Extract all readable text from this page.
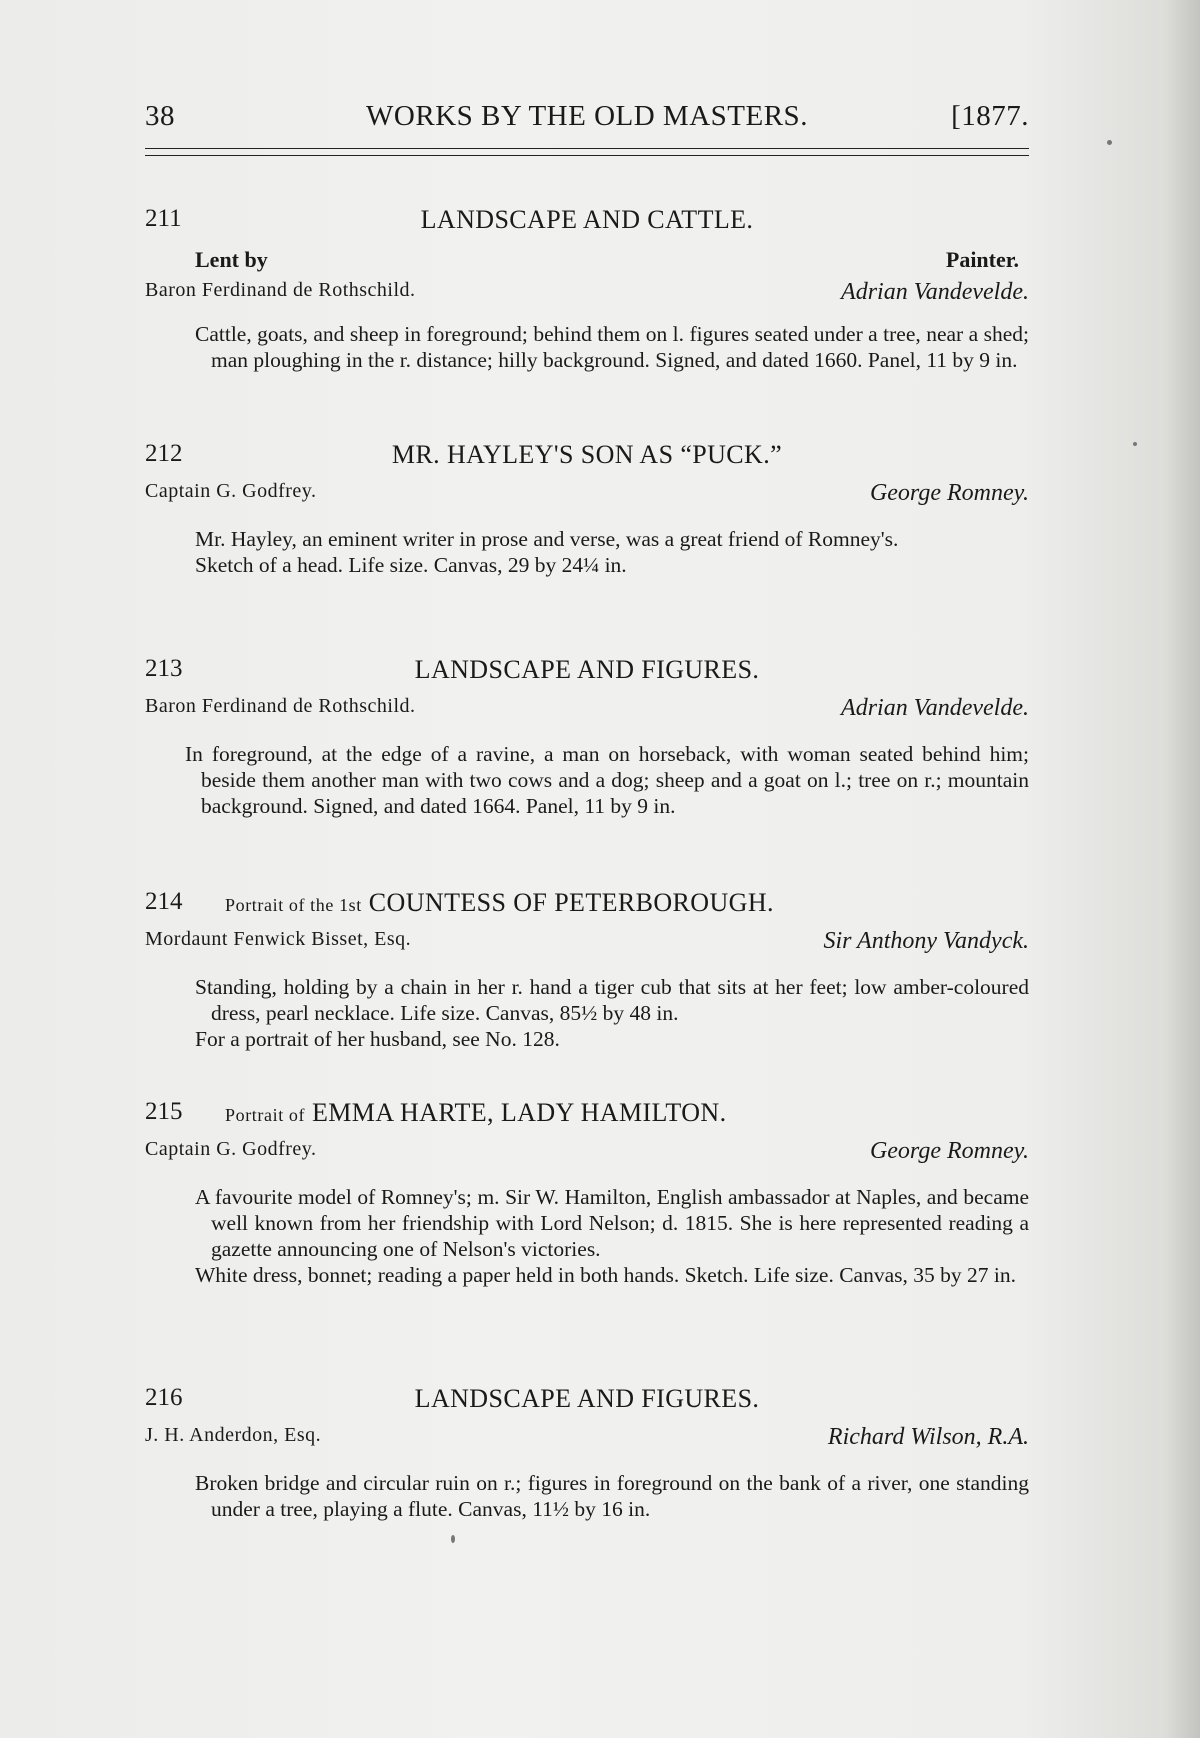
38	WORKS BY THE OLD MASTERS.	[1877.
211	LANDSCAPE AND CATTLE.
Lent by	Painter.
Baron Ferdinand de Rothschild.	Adrian Vandevelde.

Cattle, goats, and sheep in foreground; behind them on l. figures seated under a tree, near a shed; man ploughing in the r. distance; hilly background. Signed, and dated 1660. Panel, 11 by 9 in.

212	MR. HAYLEY'S SON AS “PUCK.”
Captain G. Godfrey.	George Romney.

Mr. Hayley, an eminent writer in prose and verse, was a great friend of Romney's.

Sketch of a head. Life size. Canvas, 29 by 24¼ in.

213	LANDSCAPE AND FIGURES.
Baron Ferdinand de Rothschild.	Adrian Vandevelde.

In foreground, at the edge of a ravine, a man on horseback, with woman seated behind him; beside them another man with two cows and a dog; sheep and a goat on l.; tree on r.; mountain background. Signed, and dated 1664. Panel, 11 by 9 in.

214 Portrait of the 1st COUNTESS OF PETERBOROUGH.
Mordaunt Fenwick Bisset, Esq.	Sir Anthony Vandyck.

Standing, holding by a chain in her r. hand a tiger cub that sits at her feet; low amber-coloured dress, pearl necklace. Life size. Canvas, 85½ by 48 in.

For a portrait of her husband, see No. 128.

215 Portrait of EMMA HARTE, LADY HAMILTON.
Captain G. Godfrey.	George Romney.

A favourite model of Romney's; m. Sir W. Hamilton, English ambassador at Naples, and became well known from her friendship with Lord Nelson; d. 1815. She is here represented reading a gazette announcing one of Nelson's victories.

White dress, bonnet; reading a paper held in both hands. Sketch. Life size. Canvas, 35 by 27 in.

216	LANDSCAPE AND FIGURES.
J. H. Anderdon, Esq.	Richard Wilson, R.A.

Broken bridge and circular ruin on r.; figures in foreground on the bank of a river, one standing under a tree, playing a flute. Canvas, 11½ by 16 in.
